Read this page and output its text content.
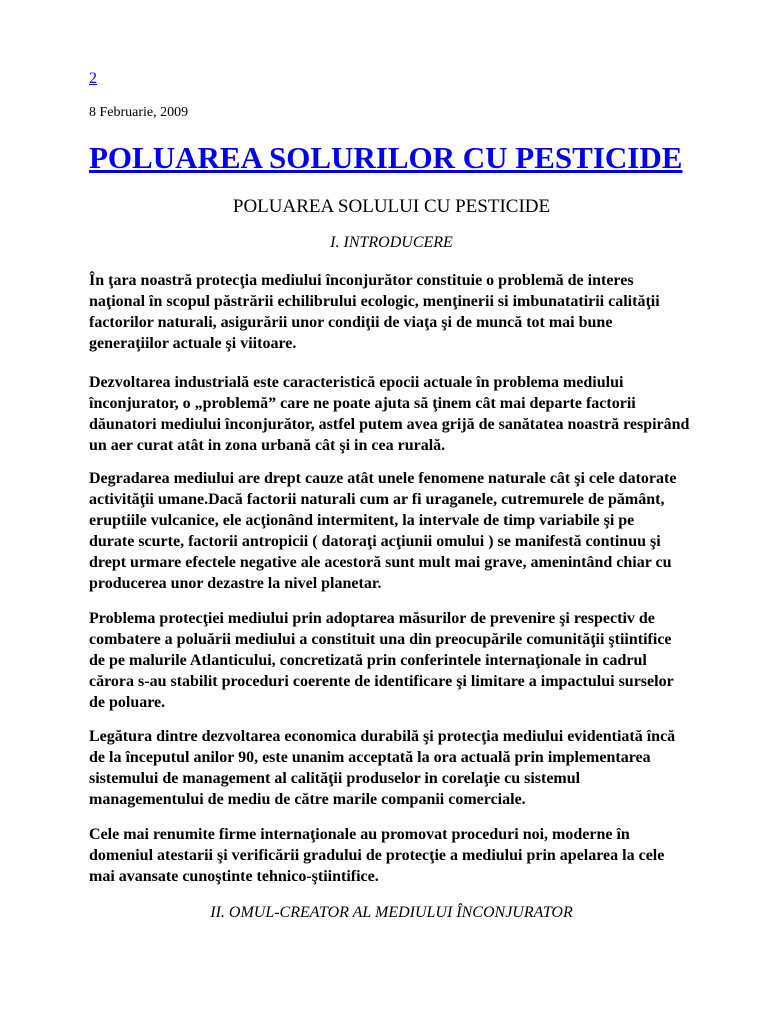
2
8 Februarie, 2009
POLUAREA SOLURILOR CU PESTICIDE
POLUAREA SOLULUI CU PESTICIDE
I. INTRODUCERE
În ţara noastră protecţia mediului înconjurător constituie o problemă de interes
naţional în scopul păstrării echilibrului ecologic, menţinerii si imbunatatirii calităţii
factorilor naturali, asigurării unor condiţii de viaţa şi de muncă tot mai bune
generaţiilor actuale şi viitoare.
Dezvoltarea industrială este caracteristică epocii actuale în problema mediului
înconjurator, o „problemă” care ne poate ajuta să ţinem cât mai departe factorii
dăunatori mediului înconjurător, astfel putem avea grijă de sanătatea noastră respirând
un aer curat atât in zona urbană cât şi in cea rurală.
Degradarea mediului are drept cauze atât unele fenomene naturale cât şi cele datorate
activităţii umane.Dacă factorii naturali cum ar fi uraganele, cutremurele de pământ,
eruptiile vulcanice, ele acţionând intermitent, la intervale de timp variabile şi pe
durate scurte, factorii antropicii ( datoraţi acţiunii omului ) se manifestă continuu şi
drept urmare efectele negative ale acestoră sunt mult mai grave, amenintând chiar cu
producerea unor dezastre la nivel planetar.
Problema protecţiei mediului prin adoptarea măsurilor de prevenire şi respectiv de
combatere a poluării mediului a constituit una din preocupările comunităţii ştiintifice
de pe malurile Atlanticului, concretizată prin conferintele internaţionale in cadrul
cărora s-au stabilit proceduri coerente de identificare şi limitare a impactului surselor
de poluare.
Legătura dintre dezvoltarea economica durabilă şi protecţia mediului evidentiată încă
de la începutul anilor 90, este unanim acceptată la ora actuală prin implementarea
sistemului de management al calităţii produselor in corelaţie cu sistemul
managementului de mediu de către marile companii comerciale.
Cele mai renumite firme internaţionale au promovat proceduri noi, moderne în
domeniul atestarii şi verificării gradului de protecţie a mediului prin apelarea la cele
mai avansate cunoştinte tehnico-ştiintifice.
II. OMUL-CREATOR AL MEDIULUI ÎNCONJURATOR
